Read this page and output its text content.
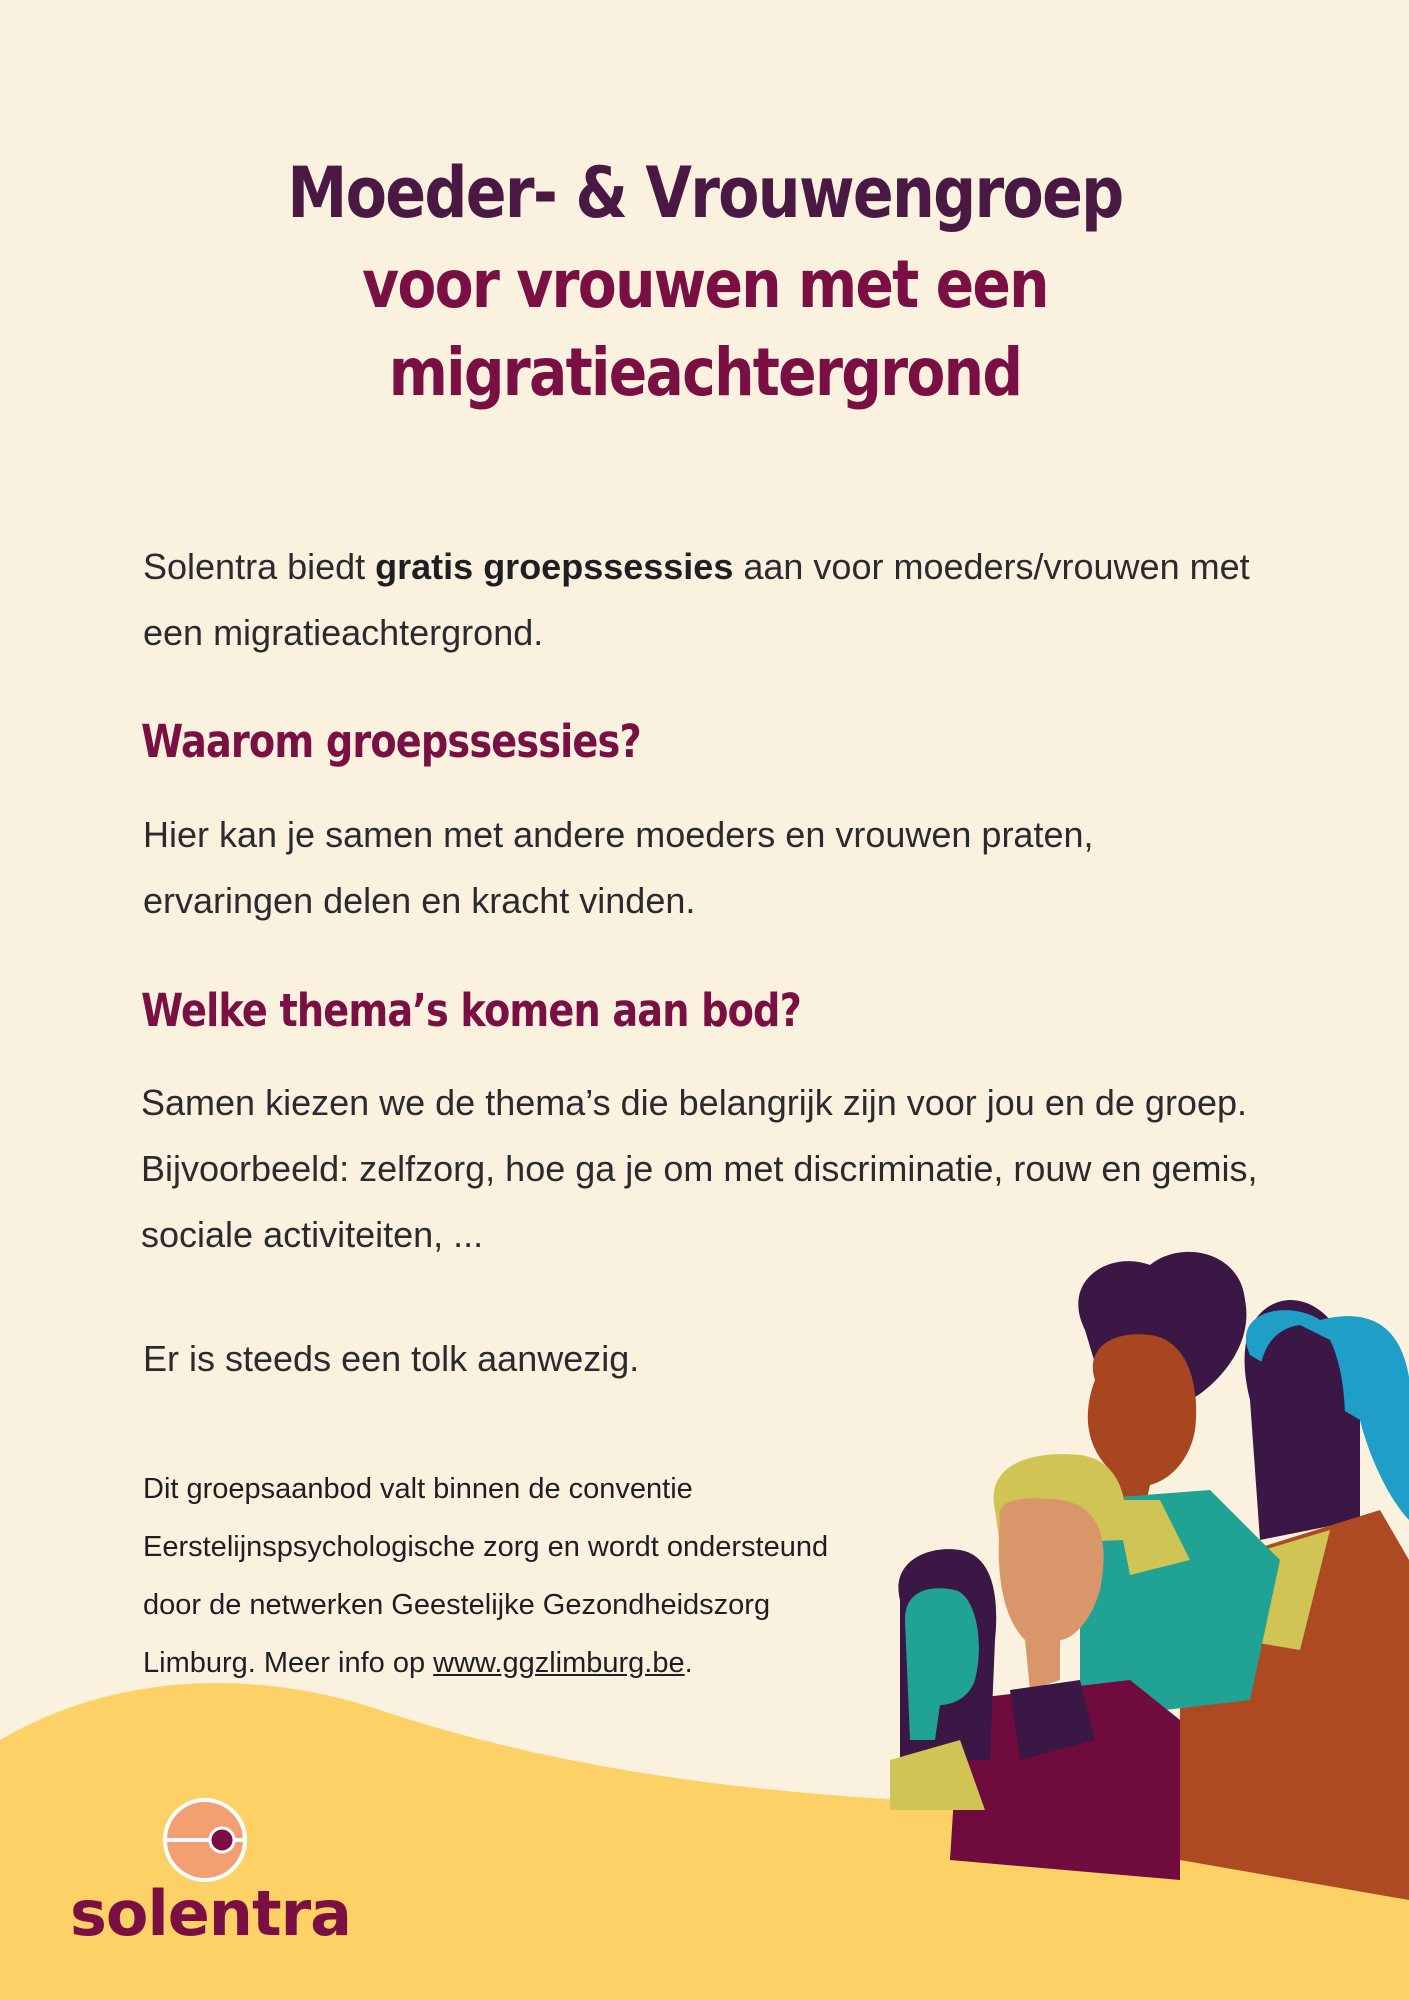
Moeder- & Vrouwengroep
voor vrouwen met een
migratieachtergrond
Solentra biedt gratis groepssessies aan voor moeders/vrouwen met een migratieachtergrond.
Waarom groepssessies?
Hier kan je samen met andere moeders en vrouwen praten, ervaringen delen en kracht vinden.
Welke thema’s komen aan bod?
Samen kiezen we de thema’s die belangrijk zijn voor jou en de groep. Bijvoorbeeld: zelfzorg, hoe ga je om met discriminatie, rouw en gemis, sociale activiteiten, ...
Er is steeds een tolk aanwezig.
Dit groepsaanbod valt binnen de conventie Eerstelijnspsychologische zorg en wordt ondersteund door de netwerken Geestelijke Gezondheidszorg Limburg. Meer info op www.ggzlimburg.be.
solentra
